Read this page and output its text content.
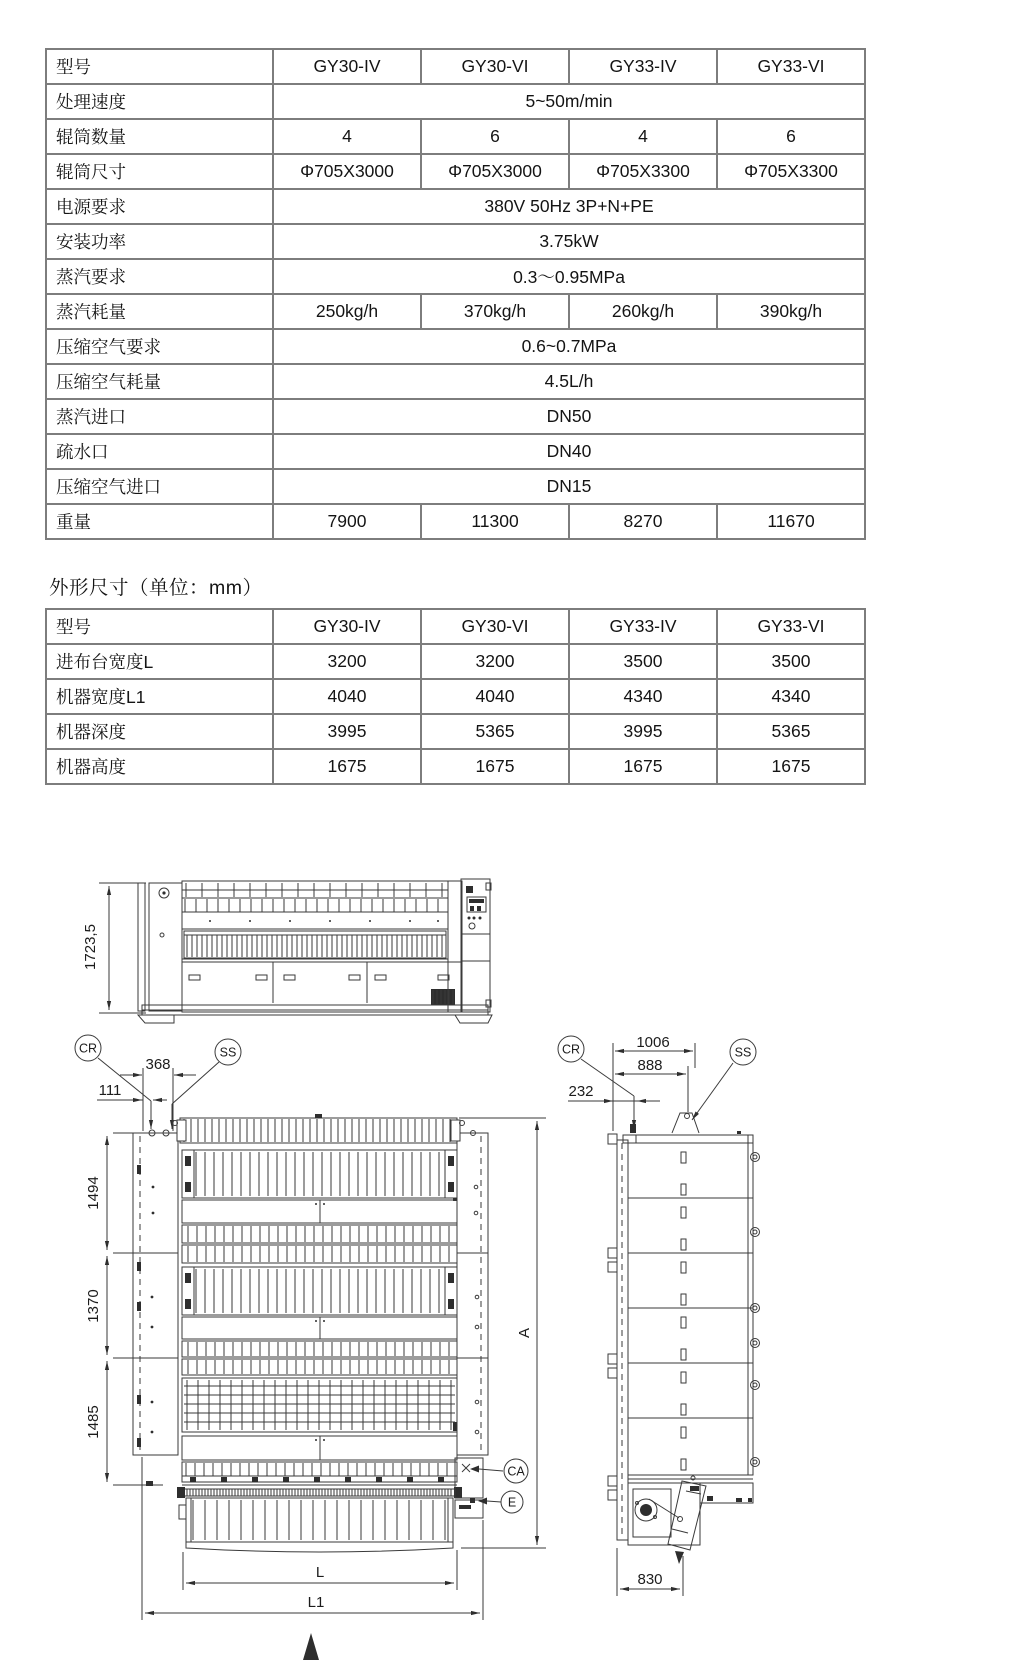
型号	GY30-IV	GY30-VI	GY33-IV	GY33-VI
处理速度	5~50m/min			
辊筒数量	4	6	4	6
辊筒尺寸	Φ705X3000	Φ705X3000	Φ705X3300	Φ705X3300
电源要求	380V 50Hz 3P+N+PE			
安装功率	3.75kW			
蒸汽要求	0.3～0.95MPa			
蒸汽耗量	250kg/h	370kg/h	260kg/h	390kg/h
压缩空气要求	0.6~0.7MPa			
压缩空气耗量	4.5L/h			
蒸汽进口	DN50			
疏水口	DN40			
压缩空气进口	DN15			
重量	7900	11300	8270	11670
外形尺寸（单位：mm）
型号	GY30-IV	GY30-VI	GY33-IV	GY33-VI
进布台宽度L	3200	3200	3500	3500
机器宽度L1	4040	4040	4340	4340
机器深度	3995	5365	3995	5365
机器高度	1675	1675	1675	1675
1723,5
CR	SS
CA
E
368
111
1494
1370
1485
A
L
L1
CR	SS
1006
888
232
830
